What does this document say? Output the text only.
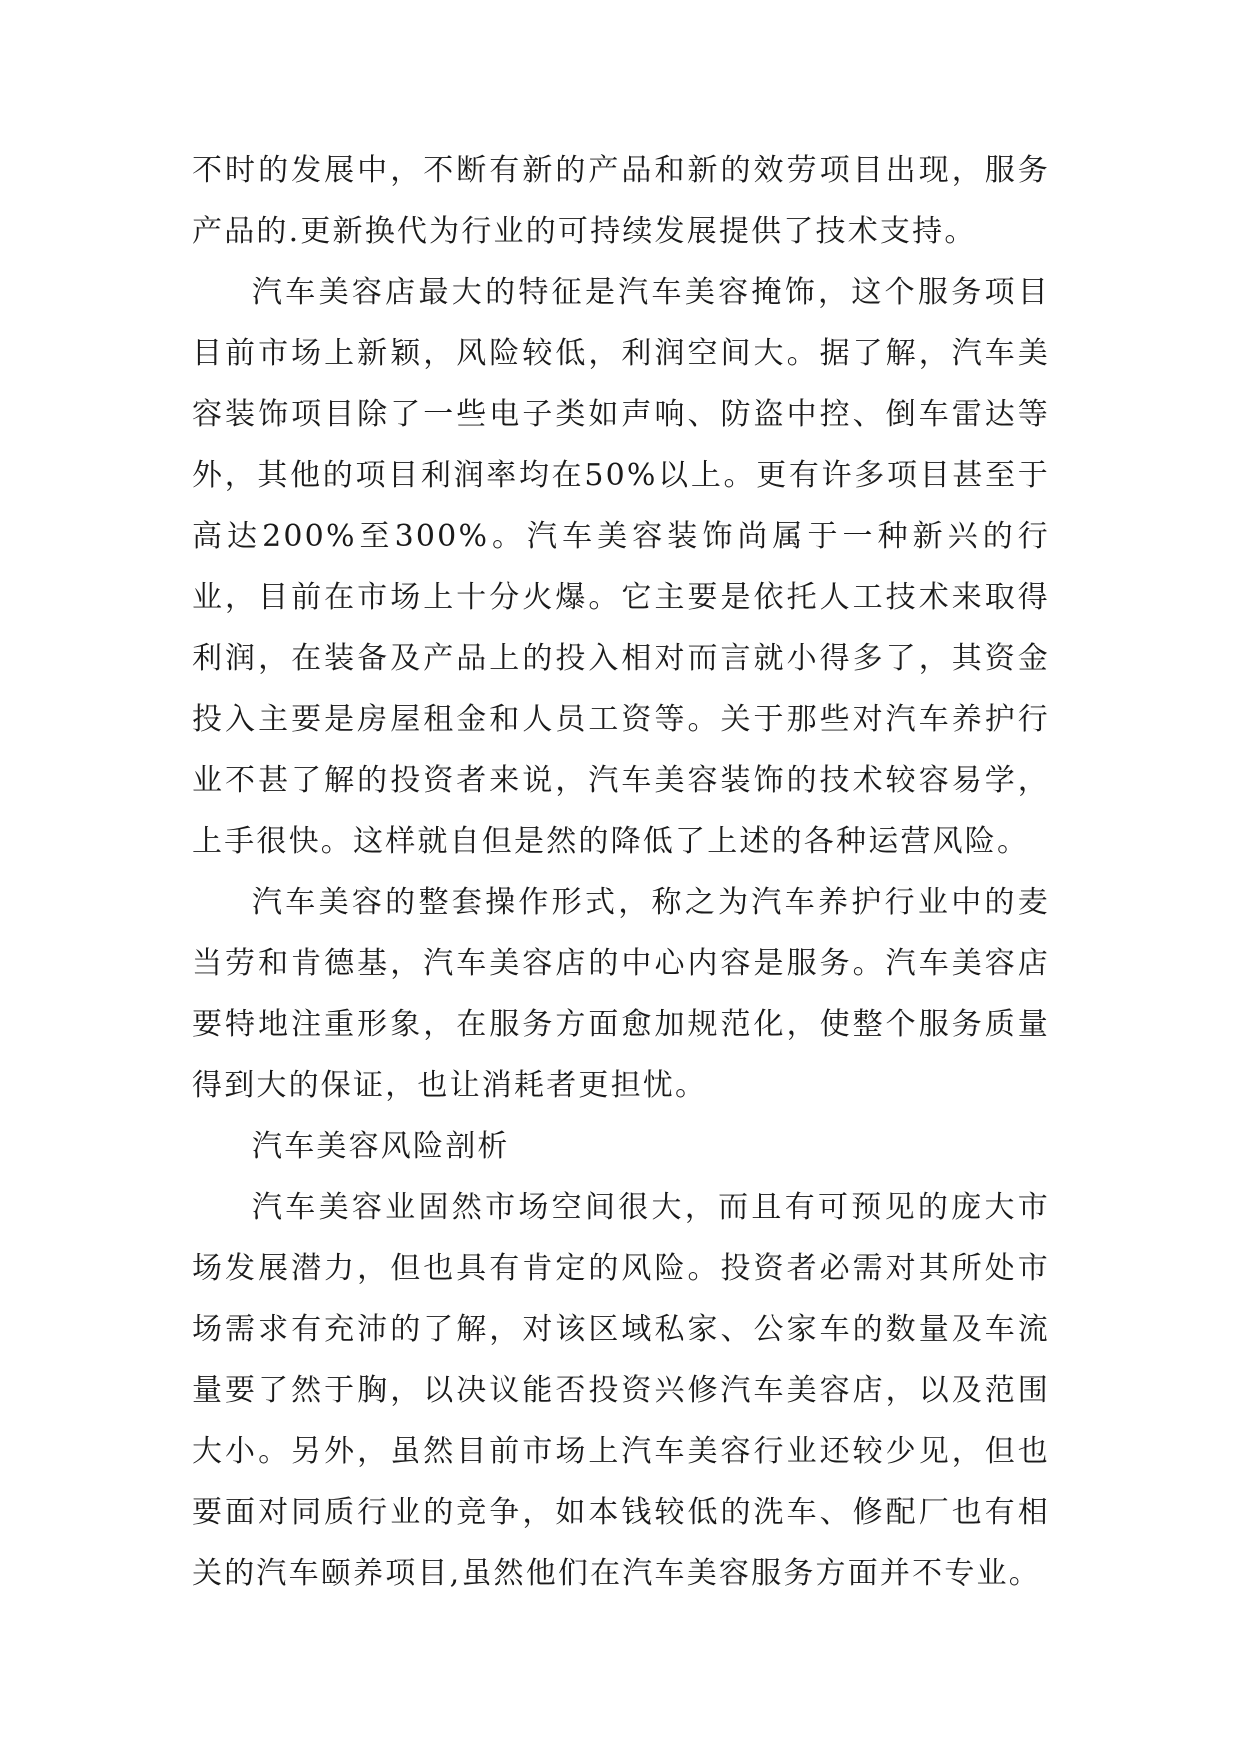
不时的发展中，不断有新的产品和新的效劳项目出现，服务产品的.更新换代为行业的可持续发展提供了技术支持。

汽车美容店最大的特征是汽车美容掩饰，这个服务项目目前市场上新颖，风险较低，利润空间大。据了解，汽车美容装饰项目除了一些电子类如声响、防盗中控、倒车雷达等外，其他的项目利润率均在50%以上。更有许多项目甚至于高达200%至300%。汽车美容装饰尚属于一种新兴的行业，目前在市场上十分火爆。它主要是依托人工技术来取得利润，在装备及产品上的投入相对而言就小得多了，其资金投入主要是房屋租金和人员工资等。关于那些对汽车养护行业不甚了解的投资者来说，汽车美容装饰的技术较容易学，上手很快。这样就自但是然的降低了上述的各种运营风险。

汽车美容的整套操作形式，称之为汽车养护行业中的麦当劳和肯德基，汽车美容店的中心内容是服务。汽车美容店要特地注重形象，在服务方面愈加规范化，使整个服务质量得到大的保证，也让消耗者更担忧。

汽车美容风险剖析

汽车美容业固然市场空间很大，而且有可预见的庞大市场发展潜力，但也具有肯定的风险。投资者必需对其所处市场需求有充沛的了解，对该区域私家、公家车的数量及车流量要了然于胸，以决议能否投资兴修汽车美容店，以及范围大小。另外，虽然目前市场上汽车美容行业还较少见，但也要面对同质行业的竞争，如本钱较低的洗车、修配厂也有相关的汽车颐养项目,虽然他们在汽车美容服务方面并不专业。
